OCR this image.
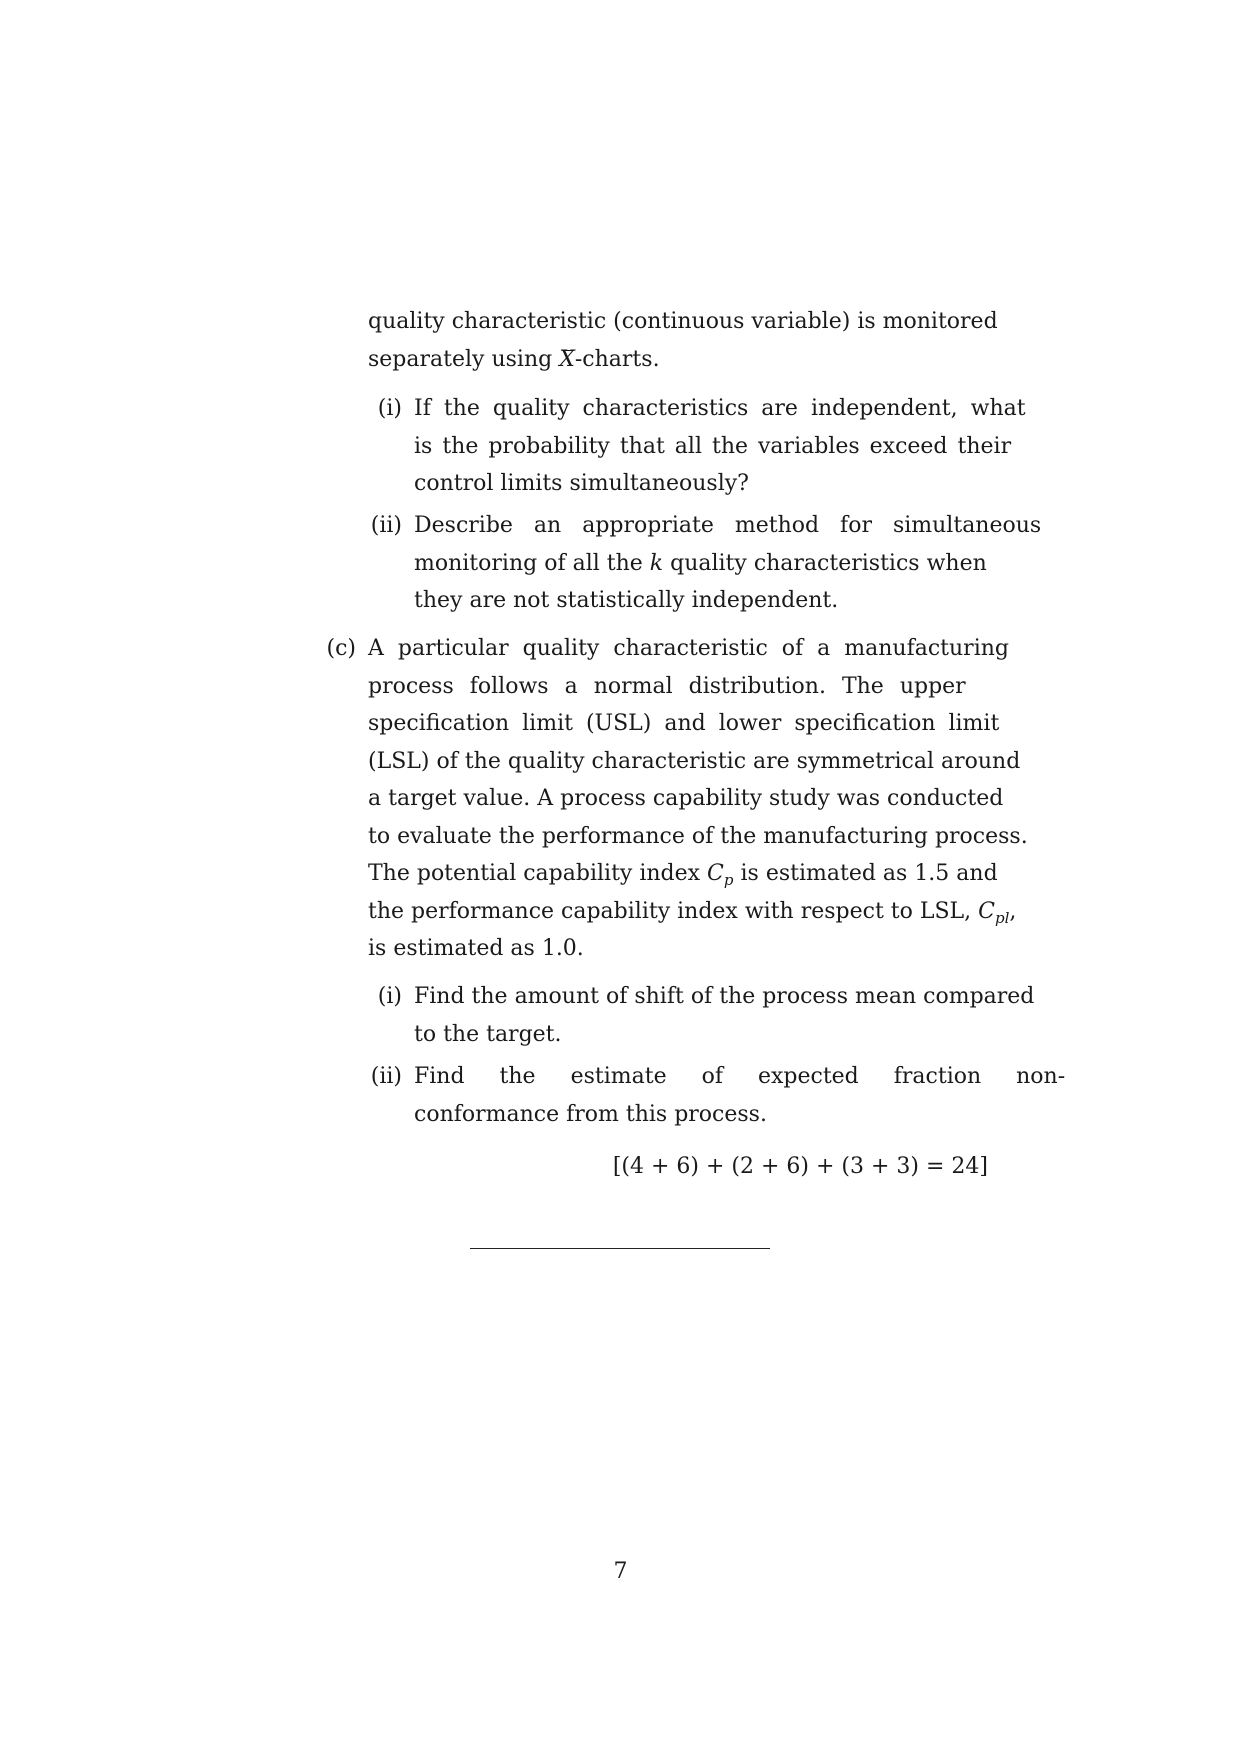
quality characteristic (continuous variable) is monitored
separately using X-charts.
(i) If the quality characteristics are independent, what
is the probability that all the variables exceed their
control limits simultaneously?
(ii) Describe an appropriate method for simultaneous
monitoring of all the k quality characteristics when
they are not statistically independent.
(c) A particular quality characteristic of a manufacturing
process follows a normal distribution. The upper
specification limit (USL) and lower specification limit
(LSL) of the quality characteristic are symmetrical around
a target value. A process capability study was conducted
to evaluate the performance of the manufacturing process.
The potential capability index $C_p$ is estimated as 1.5 and
the performance capability index with respect to LSL, $C_{pl}$,
is estimated as 1.0.
(i) Find the amount of shift of the process mean compared
to the target.
(ii) Find the estimate of expected fraction non-
conformance from this process.
[(4 + 6) + (2 + 6) + (3 + 3) = 24]
7
